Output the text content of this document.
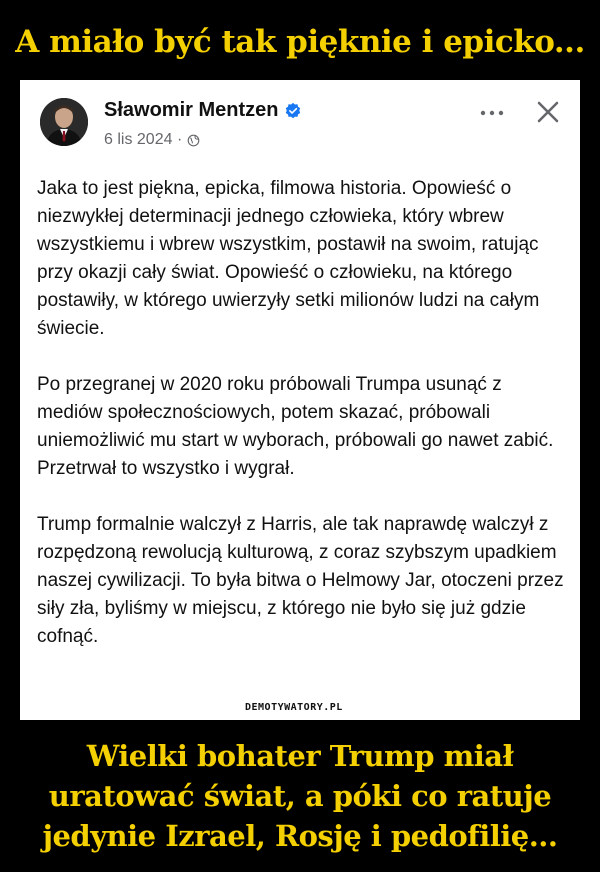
A miało być tak pięknie i epicko...
Sławomir Mentzen
6 lis 2024 ·

Jaka to jest piękna, epicka, filmowa historia. Opowieść o niezwykłej determinacji jednego człowieka, który wbrew wszystkiemu i wbrew wszystkim, postawił na swoim, ratując przy okazji cały świat. Opowieść o człowieku, na którego postawiły, w którego uwierzyły setki milionów ludzi na całym świecie.

Po przegranej w 2020 roku próbowali Trumpa usunąć z mediów społecznościowych, potem skazać, próbowali uniemożliwić mu start w wyborach, próbowali go nawet zabić. Przetrwał to wszystko i wygrał.

Trump formalnie walczył z Harris, ale tak naprawdę walczył z rozpędzoną rewolucją kulturową, z coraz szybszym upadkiem naszej cywilizacji. To była bitwa o Helmowy Jar, otoczeni przez siły zła, byliśmy w miejscu, z którego nie było się już gdzie cofnąć.

DEMOTYWATORY.PL
Wielki bohater Trump miał uratować świat, a póki co ratuje jedynie Izrael, Rosję i pedofilię...
